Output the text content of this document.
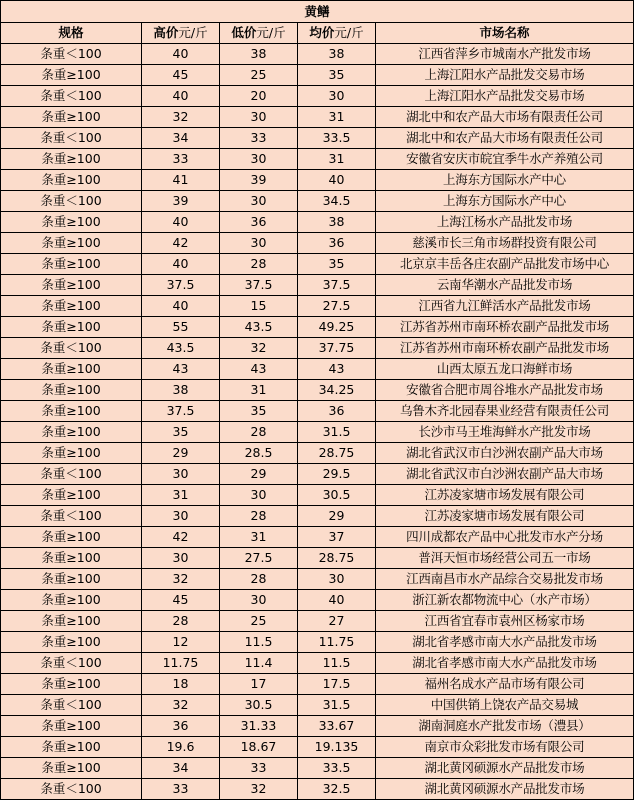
黄鳝				
规格	高价元/斤	低价元/斤	均价元/斤	市场名称
条重＜100	40	38	38	江西省萍乡市城南水产批发市场
条重≥100	45	25	35	上海江阳水产品批发交易市场
条重＜100	40	20	30	上海江阳水产品批发交易市场
条重≥100	32	30	31	湖北中和农产品大市场有限责任公司
条重＜100	34	33	33.5	湖北中和农产品大市场有限责任公司
条重≥100	33	30	31	安徽省安庆市皖宜季牛水产养殖公司
条重≥100	41	39	40	上海东方国际水产中心
条重＜100	39	30	34.5	上海东方国际水产中心
条重≥100	40	36	38	上海江杨水产品批发市场
条重≥100	42	30	36	慈溪市长三角市场群投资有限公司
条重≥100	40	28	35	北京京丰岳各庄农副产品批发市场中心
条重≥100	37.5	37.5	37.5	云南华潮水产品批发市场
条重≥100	40	15	27.5	江西省九江鲜活水产品批发市场
条重≥100	55	43.5	49.25	江苏省苏州市南环桥农副产品批发市场
条重＜100	43.5	32	37.75	江苏省苏州市南环桥农副产品批发市场
条重≥100	43	43	43	山西太原五龙口海鲜市场
条重≥100	38	31	34.25	安徽省合肥市周谷堆水产品批发市场
条重≥100	37.5	35	36	乌鲁木齐北园春果业经营有限责任公司
条重≥100	35	28	31.5	长沙市马王堆海鲜水产批发市场
条重≥100	29	28.5	28.75	湖北省武汉市白沙洲农副产品大市场
条重＜100	30	29	29.5	湖北省武汉市白沙洲农副产品大市场
条重≥100	31	30	30.5	江苏凌家塘市场发展有限公司
条重＜100	30	28	29	江苏凌家塘市场发展有限公司
条重≥100	42	31	37	四川成都农产品中心批发市水产分场
条重≥100	30	27.5	28.75	普洱天恒市场经营公司五一市场
条重≥100	32	28	30	江西南昌市水产品综合交易批发市场
条重≥100	45	30	40	浙江新农都物流中心（水产市场）
条重≥100	28	25	27	江西省宜春市袁州区杨家市场
条重≥100	12	11.5	11.75	湖北省孝感市南大水产品批发市场
条重＜100	11.75	11.4	11.5	湖北省孝感市南大水产品批发市场
条重≥100	18	17	17.5	福州名成水产品市场有限公司
条重＜100	32	30.5	31.5	中国供销上饶农产品交易城
条重≥100	36	31.33	33.67	湖南洞庭水产批发市场（澧县）
条重≥100	19.6	18.67	19.135	南京市众彩批发市场有限公司
条重≥100	34	33	33.5	湖北黄冈硕源水产品批发市场
条重＜100	33	32	32.5	湖北黄冈硕源水产品批发市场
